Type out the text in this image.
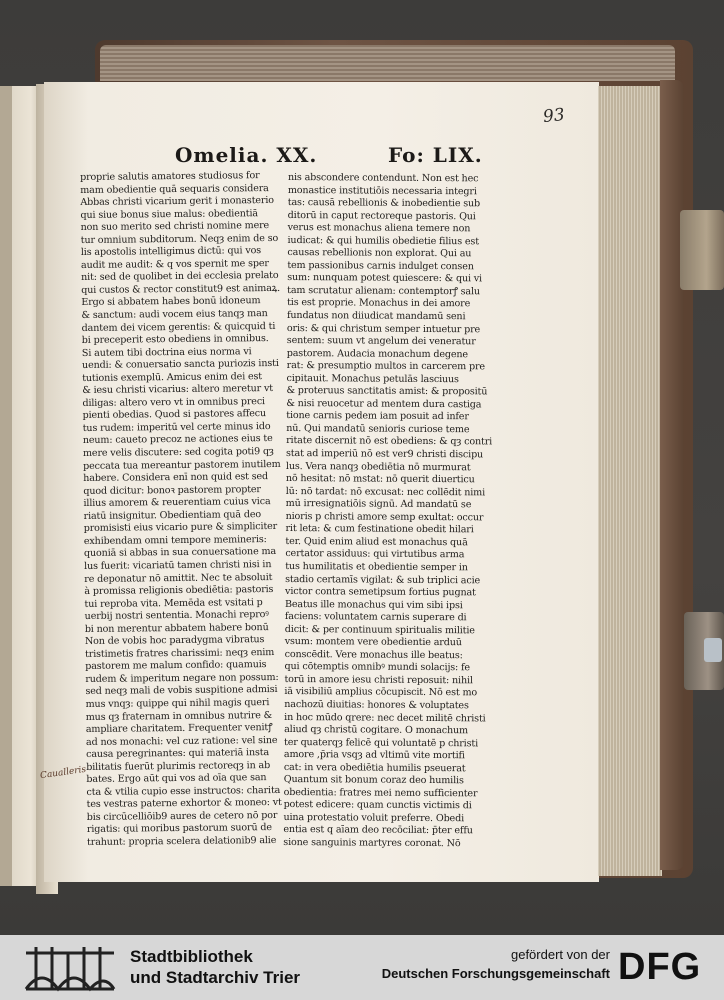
93
Omelia. XX.	Fo: LIX.
proprie salutis amatores studiosus for
mam obedientie quā sequaris considera
Abbas christi vicarium gerit i monasterio
qui siue bonus siue malus: obedientiā
non suo merito sed christi nomine mere
tur omnium subditorum. Neqȝ enim de so
lis apostolis intelligimus dictū: qui vos
audit me audit: & q vos spernit me sper
nit: sed de quolibet in dei ecclesia prelato
qui custos & rector constitut9 est animaꝝ.
Ergo si abbatem habes bonū idoneum
& sanctum: audi vocem eius tanqȝ man
dantem dei vicem gerentis: & quicquid ti
bi preceperit esto obediens in omnibus.
Si autem tibi doctrina eius norma vi
uendi: & conuersatio sancta puriozis insti
tutionis exemplū. Amicus enim dei est
& iesu christi vicarius: altero meretur vt
diligas: altero vero vt in omnibus preci
pienti obedias. Quod si pastores affecu
tus rudem: imperitū vel certe minus ido
neum: caueto precoz ne actiones eius te
mere velis discutere: sed cogita poti9 qȝ
peccata tua mereantur pastorem inutilem
habere. Considera enī non quid est sed
quod dicitur: bonoꝛ pastorem propter
illius amorem & reuerentiam cuius vica
riatū insignitur. Obedientiam quā deo
promisisti eius vicario pure & simpliciter
exhibendam omni tempore memineris:
quoniā si abbas in sua conuersatione ma
lus fuerit: vicariatū tamen christi nisi in
re deponatur nō amittit. Nec te absoluit
à promissa religionis obediētia: pastoris
tui reproba vita. Memēda est vsitati p
uerbij nostri sententia. Monachi reproꝰ
bi non merentur abbatem habere bonū
Non de vobis hoc paradygma vibratus
tristimetis fratres charissimi: neqȝ enim
pastorem me malum confido: quamuis
rudem & imperitum negare non possum:
sed neqȝ mali de vobis suspitione admisi
mus vnqȝ: quippe qui nihil magis queri
mus qȝ fraternam in omnibus nutrire &
ampliare charitatem. Frequenter venitꝭ
ad nos monachi: vel cuz ratione: vel sine
causa peregrinantes: qui materiā insta
bilitatis fuerūt plurimis rectoreqȝ in ab
bates. Ergo aūt qui vos ad oīa que san
cta & vtilia cupio esse instructos: charita
tes vestras paterne exhortor & moneo: vt
bis circūcelliōib9 aures de cetero nō por
rigatis: qui moribus pastorum suorū de
trahunt: propria scelera delationib9 alie
nis abscondere contendunt. Non est hec
monastice institutiōis necessaria integri
tas: causā rebellionis & inobedientie sub
ditorū in caput rectoreque pastoris. Qui
verus est monachus aliena temere non
iudicat: & qui humilis obedietie filius est
causas rebellionis non explorat. Qui au
tem passionibus carnis indulget consen
sum: nunquam potest quiescere: & qui vi
tam scrutatur alienam: contemptorꝭ salu
tis est proprie. Monachus in dei amore
fundatus non diiudicat mandamū seni
oris: & qui christum semper intuetur pre
sentem: suum vt angelum dei veneratur
pastorem. Audacia monachum degene
rat: & presumptio multos in carcerem pre
cipitauit. Monachus petulās lasciuus
& proteruus sanctitatis amist: & propositū
& nisi reuocetur ad mentem dura castiga
tione carnis pedem iam posuit ad infer
nū. Qui mandatū senioris curiose teme
ritate discernit nō est obediens: & qȝ contri
stat ad imperiū nō est ver9 christi discipu
lus. Vera nanqȝ obediētia nō murmurat
nō hesitat: nō mstat: nō querit diuerticu
lū: nō tardat: nō excusat: nec collēdit nimi
mū irresignatiōis signū. Ad mandatū se
nioris p christi amore semp exultat: occur
rit leta: & cum festinatione obedit hilari
ter. Quid enim aliud est monachus quā
certator assiduus: qui virtutibus arma
tus humilitatis et obedientie semper in
stadio certamīs vigilat: & sub triplici acie
victor contra semetipsum fortius pugnat
Beatus ille monachus qui vim sibi ipsi
faciens: voluntatem carnis superare di
dicit: & per continuum spiritualis militie
vsum: montem vere obedientie arduū
conscēdit. Vere monachus ille beatus:
qui cōtemptis omnibꝰ mundi solacijs: fe
torū in amore iesu christi reposuit: nihil
iā visibiliū amplius cōcupiscit. Nō est mo
nachozū diuitias: honores & voluptates
in hoc mūdo qrere: nec decet militē christi
aliud qȝ christū cogitare. O monachum
ter quaterqȝ felicē qui voluntatē p christi
amore ,p̄ria vsqȝ ad vltimū vite mortifi
cat: in vera obediētia humilis pseuerat
Quantum sit bonum coraz deo humilis
obedientia: fratres mei nemo sufficienter
potest edicere: quam cunctis victimis di
uina protestatio voluit preferre. Obedi
entia est q aīam deo recōciliat: p̄ter effu
sione sanguinis martyres coronat. Nō
Caualleris
Stadtbibliothek
und Stadtarchiv Trier
gefördert von der
Deutschen Forschungsgemeinschaft DFG
